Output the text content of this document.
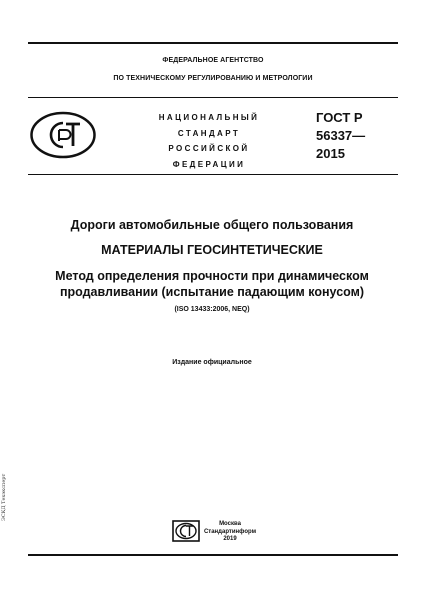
ФЕДЕРАЛЬНОЕ АГЕНТСТВО
ПО ТЕХНИЧЕСКОМУ РЕГУЛИРОВАНИЮ И МЕТРОЛОГИИ
НАЦИОНАЛЬНЫЙ
СТАНДАРТ
РОССИЙСКОЙ
ФЕДЕРАЦИИ
ГОСТ Р
56337—
2015
Дороги автомобильные общего пользования
МАТЕРИАЛЫ ГЕОСИНТЕТИЧЕСКИЕ
Метод определения прочности при динамическом
продавливании (испытание падающим конусом)
(ISO 13433:2006, NEQ)
Издание официальное
Москва
Стандартинформ
2019
ЭСКД Техэксперт
